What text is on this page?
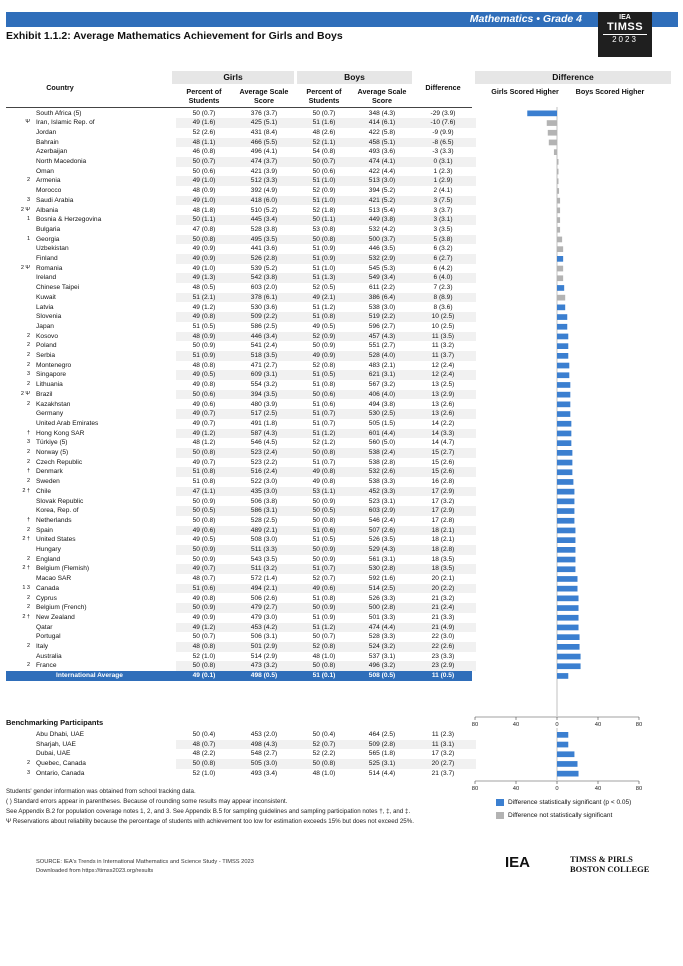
Mathematics • Grade 4	IEA
TIMSS
2023
Exhibit 1.1.2: Average Mathematics Achievement for Girls and Boys
Country
Girls	Boys	Difference
Percent of Students
Average Scale Score
Percent of Students
Average Scale Score
Difference	Girls Scored Higher	Boys Scored Higher
South Africa (5)	50 (0.7)	376 (3.7)	50 (0.7)	348 (4.3)	-29 (3.9)
Ψ Iran, Islamic Rep. of	49 (1.6)	425 (5.1)	51 (1.6)	414 (6.1)	-10 (7.6)
Jordan	52 (2.6)	431 (8.4)	48 (2.6)	422 (5.8)	-9 (9.9)
Bahrain	48 (1.1)	466 (5.5)	52 (1.1)	458 (5.1)	-8 (6.5)
Azerbaijan	46 (0.8)	496 (4.1)	54 (0.8)	493 (3.6)	-3 (3.3)
North Macedonia	50 (0.7)	474 (3.7)	50 (0.7)	474 (4.1)	0 (3.1)
Oman	50 (0.6)	421 (3.9)	50 (0.6)	422 (4.4)	1 (2.3)
2 Armenia	49 (1.0)	512 (3.3)	51 (1.0)	513 (3.0)	1 (2.9)
Morocco	48 (0.9)	392 (4.9)	52 (0.9)	394 (5.2)	2 (4.1)
3 Saudi Arabia	49 (1.0)	418 (6.0)	51 (1.0)	421 (5.2)	3 (7.5)
2 Ψ Albania	48 (1.8)	510 (5.2)	52 (1.8)	513 (5.4)	3 (3.7)
1 Bosnia & Herzegovina	50 (1.1)	445 (3.4)	50 (1.1)	449 (3.8)	3 (3.1)
Bulgaria	47 (0.8)	528 (3.8)	53 (0.8)	532 (4.2)	3 (3.5)
1 Georgia	50 (0.8)	495 (3.5)	50 (0.8)	500 (3.7)	5 (3.8)
Uzbekistan	49 (0.9)	441 (3.6)	51 (0.9)	446 (3.5)	6 (3.2)
Finland	49 (0.9)	526 (2.8)	51 (0.9)	532 (2.9)	6 (2.7)
2 Ψ Romania	49 (1.0)	539 (5.2)	51 (1.0)	545 (5.3)	6 (4.2)
Ireland	49 (1.3)	542 (3.8)	51 (1.3)	549 (3.4)	6 (4.0)
Chinese Taipei	48 (0.5)	603 (2.0)	52 (0.5)	611 (2.2)	7 (2.3)
Kuwait	51 (2.1)	378 (6.1)	49 (2.1)	386 (6.4)	8 (8.9)
Latvia	49 (1.2)	530 (3.6)	51 (1.2)	538 (3.0)	8 (3.6)
Slovenia	49 (0.8)	509 (2.2)	51 (0.8)	519 (2.2)	10 (2.5)
Japan	51 (0.5)	586 (2.5)	49 (0.5)	596 (2.7)	10 (2.5)
2 Kosovo	48 (0.9)	446 (3.4)	52 (0.9)	457 (4.3)	11 (3.5)
2 Poland	50 (0.9)	541 (2.4)	50 (0.9)	551 (2.7)	11 (3.2)
2 Serbia	51 (0.9)	518 (3.5)	49 (0.9)	528 (4.0)	11 (3.7)
2 Montenegro	48 (0.8)	471 (2.7)	52 (0.8)	483 (2.1)	12 (2.4)
3 Singapore	49 (0.5)	609 (3.1)	51 (0.5)	621 (3.1)	12 (2.4)
2 Lithuania	49 (0.8)	554 (3.2)	51 (0.8)	567 (3.2)	13 (2.5)
2 Ψ Brazil	50 (0.6)	394 (3.5)	50 (0.6)	406 (4.0)	13 (2.9)
2 Kazakhstan	49 (0.6)	480 (3.9)	51 (0.6)	494 (3.8)	13 (2.6)
Germany	49 (0.7)	517 (2.5)	51 (0.7)	530 (2.5)	13 (2.6)
United Arab Emirates	49 (0.7)	491 (1.8)	51 (0.7)	505 (1.5)	14 (2.2)
† Hong Kong SAR	49 (1.2)	587 (4.3)	51 (1.2)	601 (4.4)	14 (3.3)
3 Türkiye (5)	48 (1.2)	546 (4.5)	52 (1.2)	560 (5.0)	14 (4.7)
2 Norway (5)	50 (0.8)	523 (2.4)	50 (0.8)	538 (2.4)	15 (2.7)
2 Czech Republic	49 (0.7)	523 (2.2)	51 (0.7)	538 (2.8)	15 (2.6)
† Denmark	51 (0.8)	516 (2.4)	49 (0.8)	532 (2.6)	15 (2.6)
2 Sweden	51 (0.8)	522 (3.0)	49 (0.8)	538 (3.3)	16 (2.8)
2 † Chile	47 (1.1)	435 (3.0)	53 (1.1)	452 (3.3)	17 (2.9)
Slovak Republic	50 (0.9)	506 (3.8)	50 (0.9)	523 (3.1)	17 (3.2)
Korea, Rep. of	50 (0.5)	586 (3.1)	50 (0.5)	603 (2.9)	17 (2.9)
† Netherlands	50 (0.8)	528 (2.5)	50 (0.8)	546 (2.4)	17 (2.8)
2 Spain	49 (0.6)	489 (2.1)	51 (0.6)	507 (2.6)	18 (2.1)
2 † United States	49 (0.5)	508 (3.0)	51 (0.5)	526 (3.5)	18 (2.1)
Hungary	50 (0.9)	511 (3.3)	50 (0.9)	529 (4.3)	18 (2.8)
2 England	50 (0.9)	543 (3.5)	50 (0.9)	561 (3.1)	18 (3.5)
2 † Belgium (Flemish)	49 (0.7)	511 (3.2)	51 (0.7)	530 (2.8)	18 (3.5)
Macao SAR	48 (0.7)	572 (1.4)	52 (0.7)	592 (1.6)	20 (2.1)
1 3 Canada	51 (0.6)	494 (2.1)	49 (0.6)	514 (2.5)	20 (2.2)
2 Cyprus	49 (0.8)	506 (2.6)	51 (0.8)	526 (3.3)	21 (3.2)
2 Belgium (French)	50 (0.9)	479 (2.7)	50 (0.9)	500 (2.8)	21 (2.4)
2 † New Zealand	49 (0.9)	479 (3.0)	51 (0.9)	501 (3.3)	21 (3.3)
Qatar	49 (1.2)	453 (4.2)	51 (1.2)	474 (4.4)	21 (4.9)
Portugal	50 (0.7)	506 (3.1)	50 (0.7)	528 (3.3)	22 (3.0)
2 Italy	48 (0.8)	501 (2.9)	52 (0.8)	524 (3.2)	22 (2.6)
Australia	52 (1.0)	514 (2.9)	48 (1.0)	537 (3.1)	23 (3.3)
2 France	50 (0.8)	473 (3.2)	50 (0.8)	496 (3.2)	23 (2.9)
International Average	49 (0.1)	498 (0.5)	51 (0.1)	508 (0.5)	11 (0.5)
Abu Dhabi, UAE	50 (0.4)	453 (2.0)	50 (0.4)	464 (2.5)	11 (2.3)
Sharjah, UAE	48 (0.7)	498 (4.3)	52 (0.7)	509 (2.8)	11 (3.1)
Dubai, UAE	48 (2.2)	548 (2.7)	52 (2.2)	565 (1.8)	17 (3.2)
2 Quebec, Canada	50 (0.8)	505 (3.0)	50 (0.8)	525 (3.1)	20 (2.7)
3 Ontario, Canada	52 (1.0)	493 (3.4)	48 (1.0)	514 (4.4)	21 (3.7)
Benchmarking Participants	80	40	0	40	80
80	40	0	40	80
Students' gender information was obtained from school tracking data.
( ) Standard errors appear in parentheses. Because of rounding some results may appear inconsistent.
See Appendix B.2 for population coverage notes 1, 2, and 3. See Appendix B.5 for sampling guidelines and sampling participation notes †, ‡, and ‡.
Ψ Reservations about reliability because the percentage of students with achievement too low for estimation exceeds 15% but does not exceed 25%.
Difference statistically significant (p < 0.05)
Difference not statistically significant
SOURCE: IEA's Trends in International Mathematics and Science Study - TIMSS 2023
Downloaded from https://timss2023.org/results	IEA	TIMSS & PIRLS
BOSTON COLLEGE
